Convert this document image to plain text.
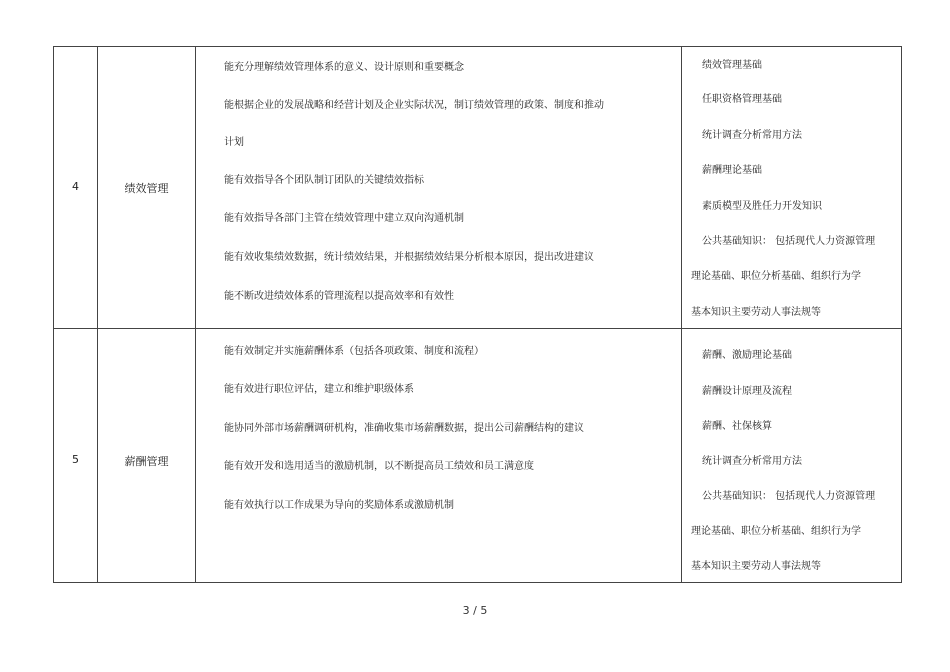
4	绩效管理
能充分理解绩效管理体系的意义、设计原则和重要概念
能根据企业的发展战略和经营计划及企业实际状况，制订绩效管理的政策、制度和推动
计划
能有效指导各个团队制订团队的关键绩效指标
能有效指导各部门主管在绩效管理中建立双向沟通机制
能有效收集绩效数据，统计绩效结果，并根据绩效结果分析根本原因，提出改进建议
能不断改进绩效体系的管理流程以提高效率和有效性
绩效管理基础
任职资格管理基础
统计调查分析常用方法
薪酬理论基础
素质模型及胜任力开发知识
公共基础知识： 包括现代人力资源管理
理论基础、职位分析基础、组织行为学
基本知识主要劳动人事法规等
5	薪酬管理
能有效制定并实施薪酬体系（包括各项政策、制度和流程）
能有效进行职位评估，建立和维护职级体系
能协同外部市场薪酬调研机构，准确收集市场薪酬数据，提出公司薪酬结构的建议
能有效开发和选用适当的激励机制，以不断提高员工绩效和员工满意度
能有效执行以工作成果为导向的奖励体系或激励机制
薪酬、激励理论基础
薪酬设计原理及流程
薪酬、社保核算
统计调查分析常用方法
公共基础知识： 包括现代人力资源管理
理论基础、职位分析基础、组织行为学
基本知识主要劳动人事法规等
3 / 5
